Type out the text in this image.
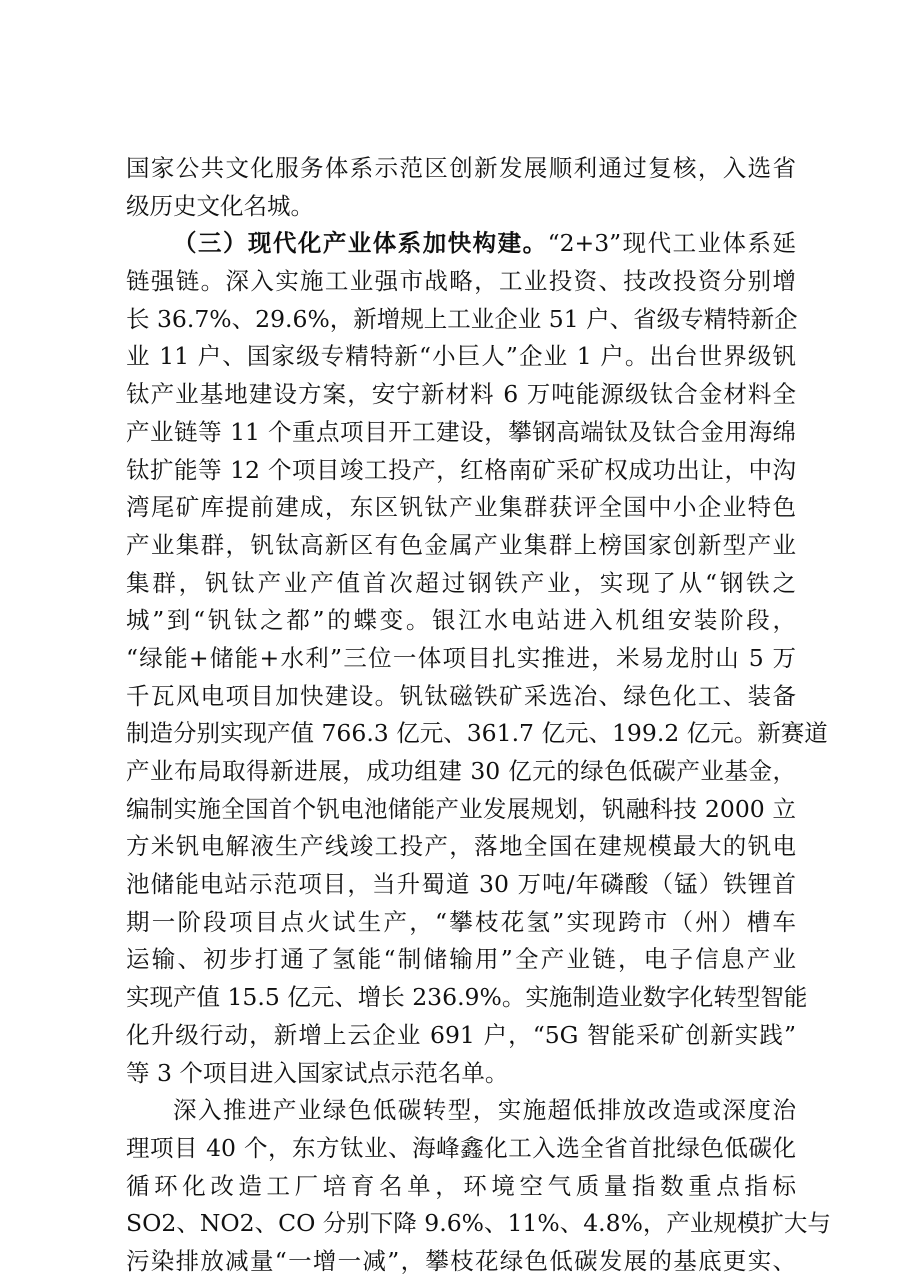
国家公共文化服务体系示范区创新发展顺利通过复核，入选省
级历史文化名城。
（三）现代化产业体系加快构建。“2+3”现代工业体系延
链强链。深入实施工业强市战略，工业投资、技改投资分别增
长 36.7%、29.6%，新增规上工业企业 51 户、省级专精特新企
业 11 户、国家级专精特新“小巨人”企业 1 户。出台世界级钒
钛产业基地建设方案，安宁新材料 6 万吨能源级钛合金材料全
产业链等 11 个重点项目开工建设，攀钢高端钛及钛合金用海绵
钛扩能等 12 个项目竣工投产，红格南矿采矿权成功出让，中沟
湾尾矿库提前建成，东区钒钛产业集群获评全国中小企业特色
产业集群，钒钛高新区有色金属产业集群上榜国家创新型产业
集群，钒钛产业产值首次超过钢铁产业，实现了从“钢铁之
城”到“钒钛之都”的蝶变。银江水电站进入机组安装阶段，
“绿能+储能+水利”三位一体项目扎实推进，米易龙肘山 5 万
千瓦风电项目加快建设。钒钛磁铁矿采选冶、绿色化工、装备
制造分别实现产值 766.3 亿元、361.7 亿元、199.2 亿元。新赛道
产业布局取得新进展，成功组建 30 亿元的绿色低碳产业基金，
编制实施全国首个钒电池储能产业发展规划，钒融科技 2000 立
方米钒电解液生产线竣工投产，落地全国在建规模最大的钒电
池储能电站示范项目，当升蜀道 30 万吨/年磷酸（锰）铁锂首
期一阶段项目点火试生产，“攀枝花氢”实现跨市（州）槽车
运输、初步打通了氢能“制储输用”全产业链，电子信息产业
实现产值 15.5 亿元、增长 236.9%。实施制造业数字化转型智能
化升级行动，新增上云企业 691 户，“5G 智能采矿创新实践”
等 3 个项目进入国家试点示范名单。
深入推进产业绿色低碳转型，实施超低排放改造或深度治
理项目 40 个，东方钛业、海峰鑫化工入选全省首批绿色低碳化
循环化改造工厂培育名单，环境空气质量指数重点指标
SO2、NO2、CO 分别下降 9.6%、11%、4.8%，产业规模扩大与
污染排放减量“一增一减”，攀枝花绿色低碳发展的基底更实、
